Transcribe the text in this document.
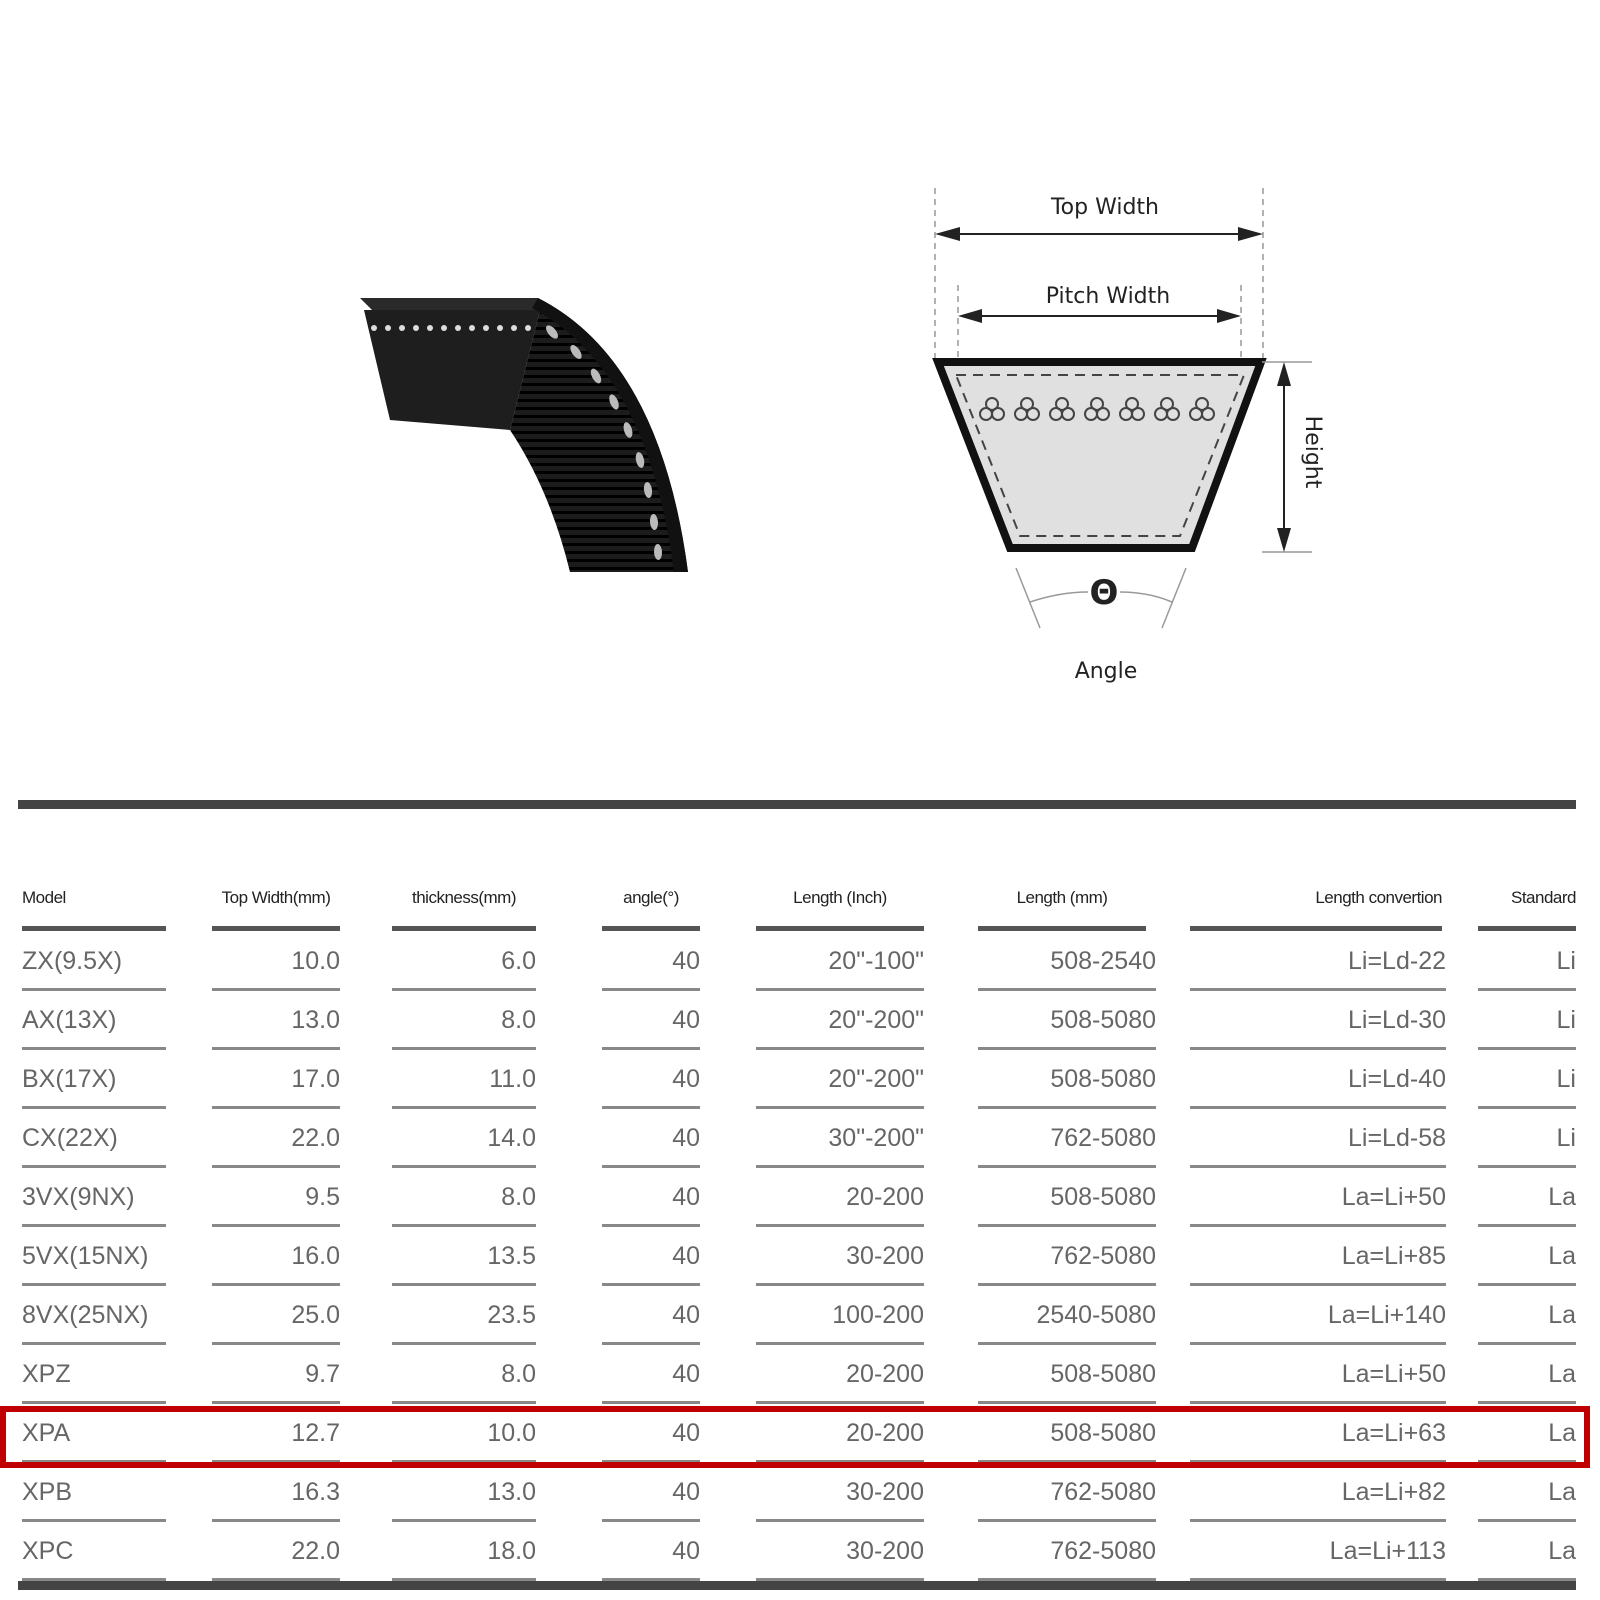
Top Width
Pitch Width
Height
Θ
Angle
Model	Top Width(mm)	thickness(mm)	angle(°)	Length (Inch)	Length (mm)	Length convertion	Standard
ZX(9.5X)	10.0	6.0	40	20"-100"	508-2540	Li=Ld-22	Li
AX(13X)	13.0	8.0	40	20"-200"	508-5080	Li=Ld-30	Li
BX(17X)	17.0	11.0	40	20"-200"	508-5080	Li=Ld-40	Li
CX(22X)	22.0	14.0	40	30"-200"	762-5080	Li=Ld-58	Li
3VX(9NX)	9.5	8.0	40	20-200	508-5080	La=Li+50	La
5VX(15NX)	16.0	13.5	40	30-200	762-5080	La=Li+85	La
8VX(25NX)	25.0	23.5	40	100-200	2540-5080	La=Li+140	La
XPZ	9.7	8.0	40	20-200	508-5080	La=Li+50	La
XPA	12.7	10.0	40	20-200	508-5080	La=Li+63	La
XPB	16.3	13.0	40	30-200	762-5080	La=Li+82	La
XPC	22.0	18.0	40	30-200	762-5080	La=Li+113	La
